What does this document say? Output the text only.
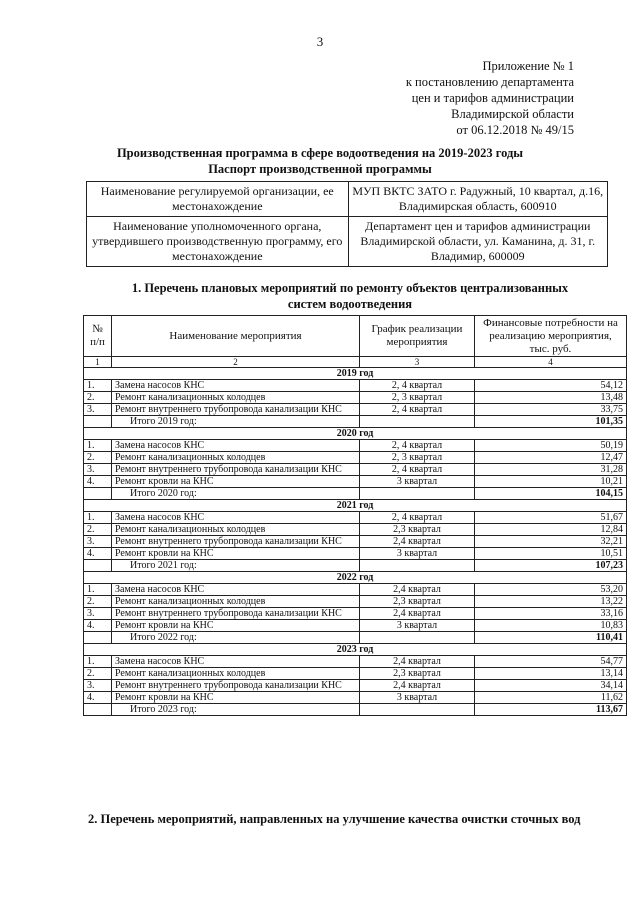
3
Приложение № 1
к постановлению департамента
цен и тарифов администрации
Владимирской области
от 06.12.2018 № 49/15
Производственная программа в сфере водоотведения на 2019-2023 годы
Паспорт производственной программы
Наименование регулируемой организации, ее местонахождение	МУП ВКТС ЗАТО г. Радужный, 10 квартал, д.16, Владимирская область, 600910
Наименование уполномоченного органа, утвердившего производственную программу, его местонахождение	Департамент цен и тарифов администрации Владимирской области, ул. Каманина, д. 31, г. Владимир, 600009
1. Перечень плановых мероприятий по ремонту объектов централизованных
систем водоотведения
№ п/п	Наименование мероприятия	График реализации мероприятия	Финансовые потребности на реализацию мероприятия, тыс. руб.
1	2	3	4
2019 год			
1.	Замена насосов КНС	2, 4 квартал	54,12
2.	Ремонт канализационных колодцев	2, 3 квартал	13,48
3.	Ремонт внутреннего трубопровода канализации КНС	2, 4 квартал	33,75
	Итого 2019 год:		101,35
2020 год			
1.	Замена насосов КНС	2, 4 квартал	50,19
2.	Ремонт канализационных колодцев	2, 3 квартал	12,47
3.	Ремонт внутреннего трубопровода канализации КНС	2, 4 квартал	31,28
4.	Ремонт кровли на КНС	3 квартал	10,21
	Итого 2020 год:		104,15
2021 год			
1.	Замена насосов КНС	2, 4 квартал	51,67
2.	Ремонт канализационных колодцев	2,3 квартал	12,84
3.	Ремонт внутреннего трубопровода канализации КНС	2,4 квартал	32,21
4.	Ремонт кровли на КНС	3 квартал	10,51
	Итого 2021 год:		107,23
2022 год			
1.	Замена насосов КНС	2,4 квартал	53,20
2.	Ремонт канализационных колодцев	2,3 квартал	13,22
3.	Ремонт внутреннего трубопровода канализации КНС	2,4 квартал	33,16
4.	Ремонт кровли на КНС	3 квартал	10,83
	Итого 2022 год:		110,41
2023 год			
1.	Замена насосов КНС	2,4 квартал	54,77
2.	Ремонт канализационных колодцев	2,3 квартал	13,14
3.	Ремонт внутреннего трубопровода канализации КНС	2,4 квартал	34,14
4.	Ремонт кровли на КНС	3 квартал	11,62
	Итого 2023 год:		113,67
2. Перечень мероприятий, направленных на улучшение качества очистки сточных вод
